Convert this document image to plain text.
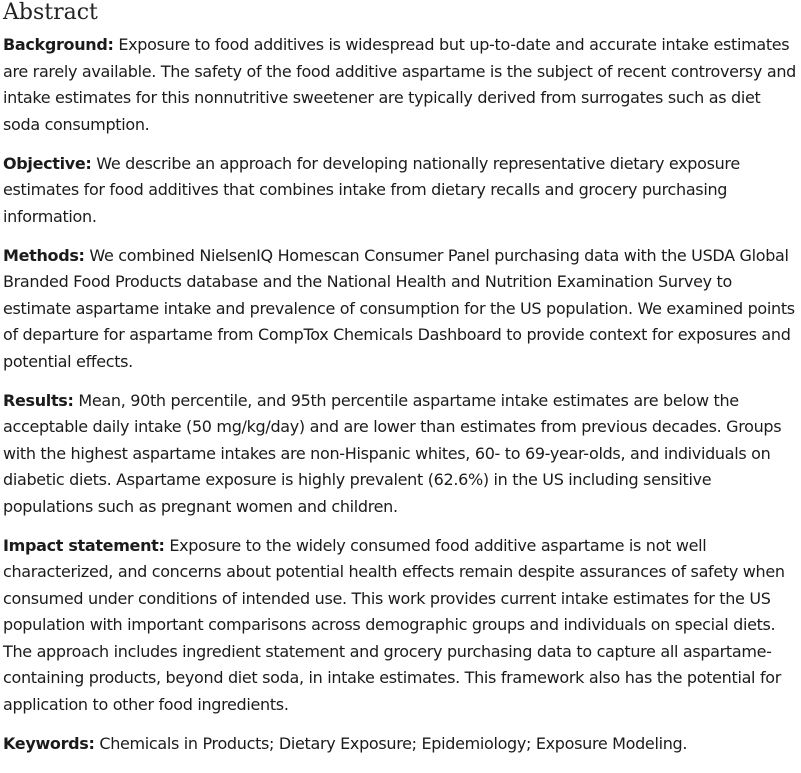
Abstract

Background: Exposure to food additives is widespread but up-to-date and accurate intake estimates are rarely available. The safety of the food additive aspartame is the subject of recent controversy and intake estimates for this nonnutritive sweetener are typically derived from surrogates such as diet soda consumption.

Objective: We describe an approach for developing nationally representative dietary exposure estimates for food additives that combines intake from dietary recalls and grocery purchasing information.

Methods: We combined NielsenIQ Homescan Consumer Panel purchasing data with the USDA Global Branded Food Products database and the National Health and Nutrition Examination Survey to estimate aspartame intake and prevalence of consumption for the US population. We examined points of departure for aspartame from CompTox Chemicals Dashboard to provide context for exposures and potential effects.

Results: Mean, 90th percentile, and 95th percentile aspartame intake estimates are below the acceptable daily intake (50 mg/kg/day) and are lower than estimates from previous decades. Groups with the highest aspartame intakes are non-Hispanic whites, 60- to 69-year-olds, and individuals on diabetic diets. Aspartame exposure is highly prevalent (62.6%) in the US including sensitive populations such as pregnant women and children.

Impact statement: Exposure to the widely consumed food additive aspartame is not well characterized, and concerns about potential health effects remain despite assurances of safety when consumed under conditions of intended use. This work provides current intake estimates for the US population with important comparisons across demographic groups and individuals on special diets. The approach includes ingredient statement and grocery purchasing data to capture all aspartame-containing products, beyond diet soda, in intake estimates. This framework also has the potential for application to other food ingredients.

Keywords: Chemicals in Products; Dietary Exposure; Epidemiology; Exposure Modeling.
